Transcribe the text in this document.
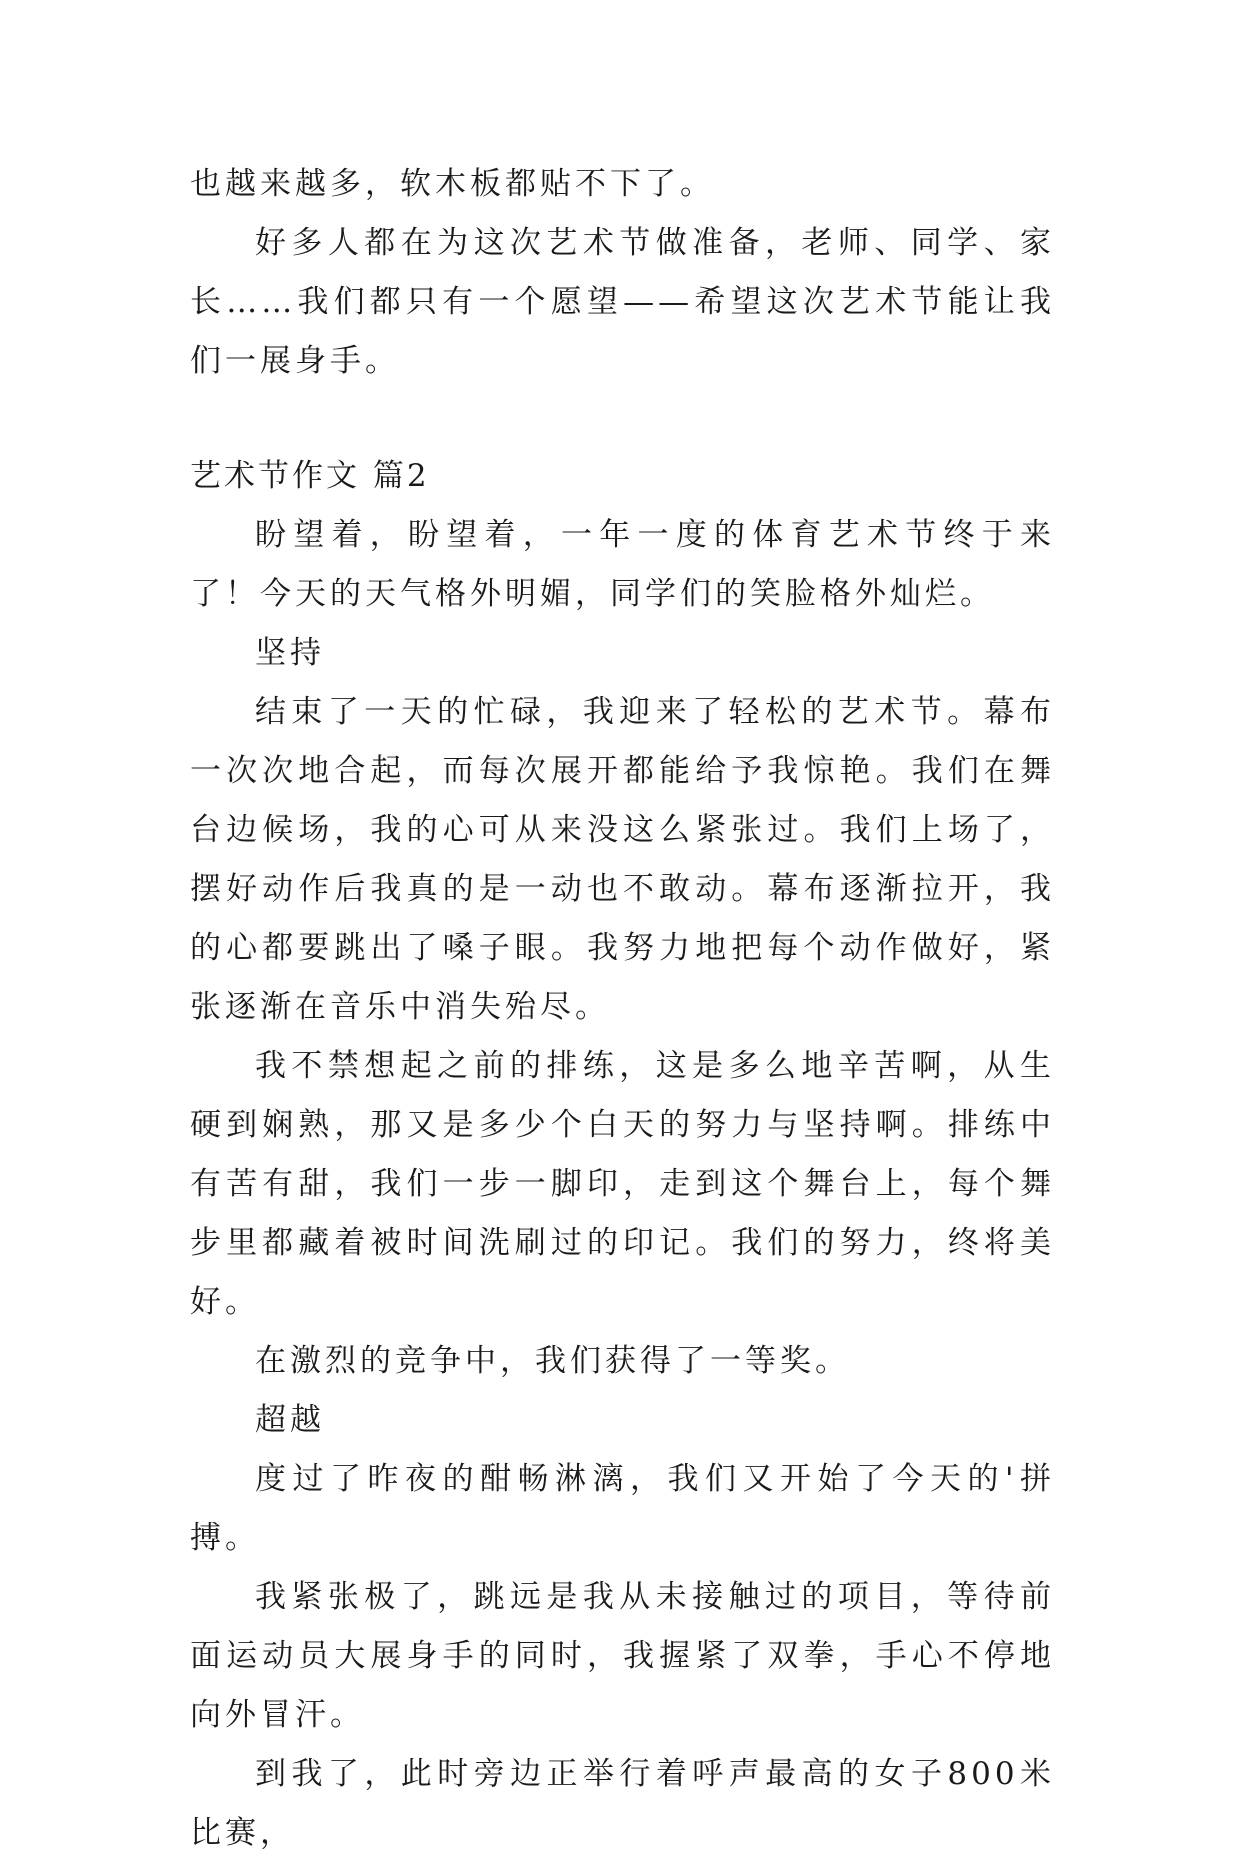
也越来越多，软木板都贴不下了。

好多人都在为这次艺术节做准备，老师、同学、家长……我们都只有一个愿望——希望这次艺术节能让我们一展身手。

艺术节作文 篇2

盼望着，盼望着，一年一度的体育艺术节终于来了！今天的天气格外明媚，同学们的笑脸格外灿烂。

坚持

结束了一天的忙碌，我迎来了轻松的艺术节。幕布一次次地合起，而每次展开都能给予我惊艳。我们在舞台边候场，我的心可从来没这么紧张过。我们上场了，摆好动作后我真的是一动也不敢动。幕布逐渐拉开，我的心都要跳出了嗓子眼。我努力地把每个动作做好，紧张逐渐在音乐中消失殆尽。

我不禁想起之前的排练，这是多么地辛苦啊，从生硬到娴熟，那又是多少个白天的努力与坚持啊。排练中有苦有甜，我们一步一脚印，走到这个舞台上，每个舞步里都藏着被时间洗刷过的印记。我们的努力，终将美好。

在激烈的竞争中，我们获得了一等奖。

超越

度过了昨夜的酣畅淋漓，我们又开始了今天的'拼搏。

我紧张极了，跳远是我从未接触过的项目，等待前面运动员大展身手的同时，我握紧了双拳，手心不停地向外冒汗。

到我了，此时旁边正举行着呼声最高的女子800米比赛，
